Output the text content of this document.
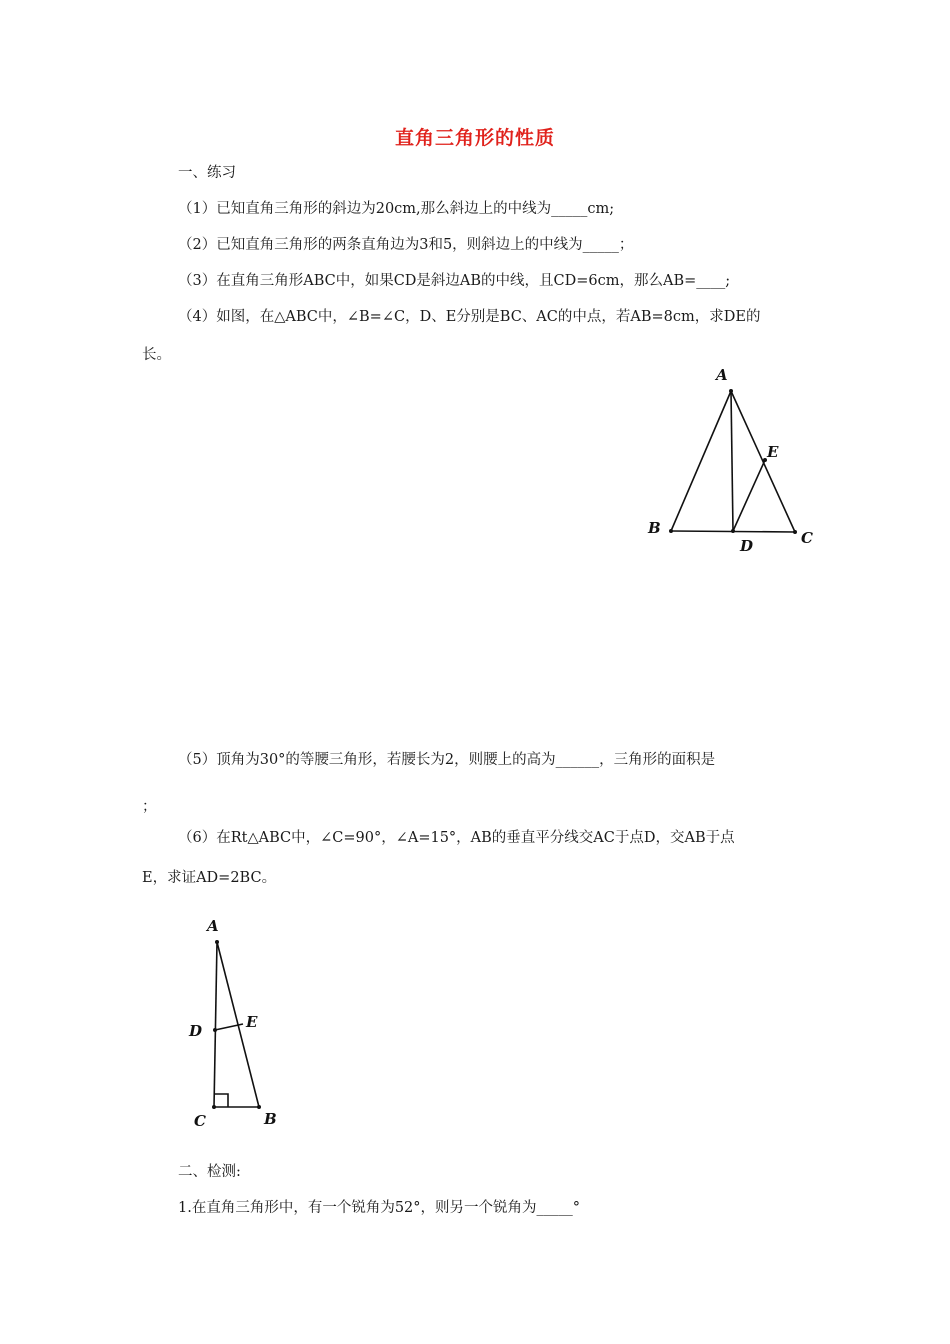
直角三角形的性质
一、练习
（1）已知直角三角形的斜边为20cm,那么斜边上的中线为_____cm;
（2）已知直角三角形的两条直角边为3和5，则斜边上的中线为_____；
（3）在直角三角形ABC中，如果CD是斜边AB的中线，且CD=6cm，那么AB=____;
（4）如图，在△ABC中，∠B=∠C，D、E分别是BC、AC的中点，若AB=8cm，求DE的
长。
A
B
C
D
E
（5）顶角为30°的等腰三角形，若腰长为2，则腰上的高为______，三角形的面积是
；
（6）在Rt△ABC中，∠C=90°，∠A=15°，AB的垂直平分线交AC于点D，交AB于点
E，求证AD=2BC。
A
D	E
C	B
二、检测:
1.在直角三角形中，有一个锐角为52°，则另一个锐角为_____°
